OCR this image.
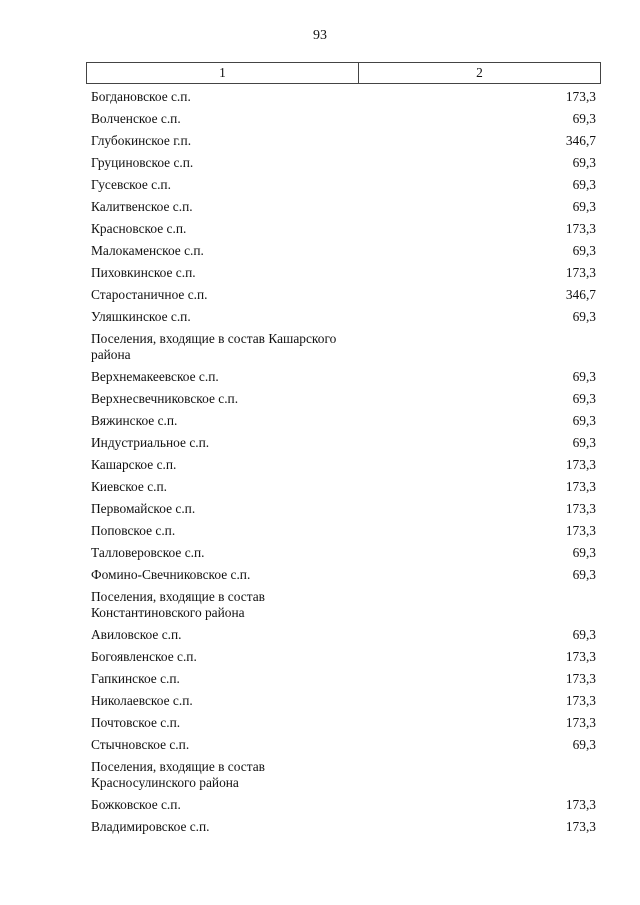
93
1	2
Богдановское с.п.	173,3
Волченское с.п.	69,3
Глубокинское г.п.	346,7
Груциновское с.п.	69,3
Гусевское с.п.	69,3
Калитвенское с.п.	69,3
Красновское с.п.	173,3
Малокаменское с.п.	69,3
Пиховкинское с.п.	173,3
Старостаничное с.п.	346,7
Уляшкинское с.п.	69,3
Поселения, входящие в состав Кашарского района
Верхнемакеевское с.п.	69,3
Верхнесвечниковское с.п.	69,3
Вяжинское с.п.	69,3
Индустриальное с.п.	69,3
Кашарское с.п.	173,3
Киевское с.п.	173,3
Первомайское с.п.	173,3
Поповское с.п.	173,3
Талловеровское с.п.	69,3
Фомино-Свечниковское с.п.	69,3
Поселения, входящие в состав Константиновского района
Авиловское с.п.	69,3
Богоявленское с.п.	173,3
Гапкинское с.п.	173,3
Николаевское с.п.	173,3
Почтовское с.п.	173,3
Стычновское с.п.	69,3
Поселения, входящие в состав Красносулинского района
Божковское с.п.	173,3
Владимировское с.п.	173,3
